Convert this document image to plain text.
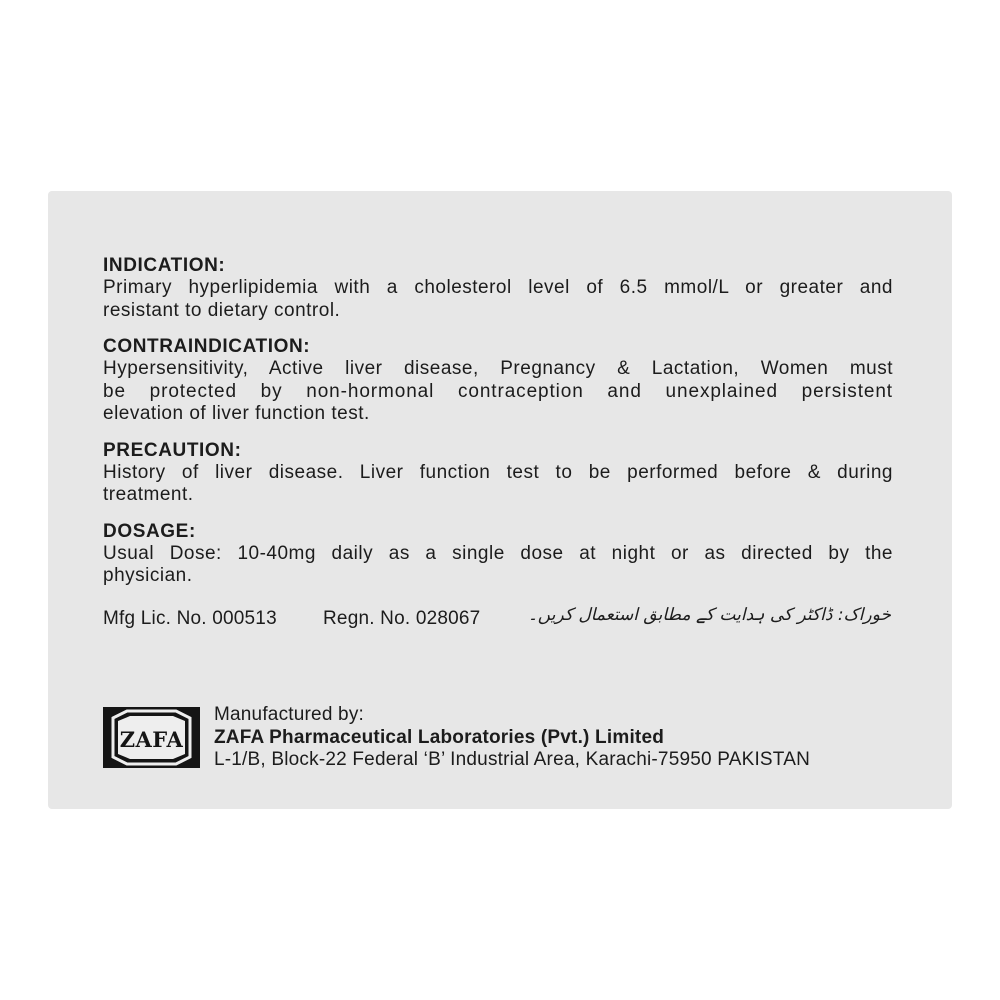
INDICATION:

Primary hyperlipidemia with a cholesterol level of 6.5 mmol/L or greater and

resistant to dietary control.

CONTRAINDICATION:

Hypersensitivity, Active liver disease, Pregnancy & Lactation, Women must

be protected by non-hormonal contraception and unexplained persistent

elevation of liver function test.

PRECAUTION:

History of liver disease. Liver function test to be performed before & during

treatment.

DOSAGE:

Usual Dose: 10-40mg daily as a single dose at night or as directed by the

physician.

Mfg Lic. No. 000513 Regn. No. 028067	خوراک: ڈاکٹر کی ہدایت کے مطابق استعمال کریں۔
ZAFA
Manufactured by:
ZAFA Pharmaceutical Laboratories (Pvt.) Limited
L-1/B, Block-22 Federal ‘B’ Industrial Area, Karachi-75950 PAKISTAN
